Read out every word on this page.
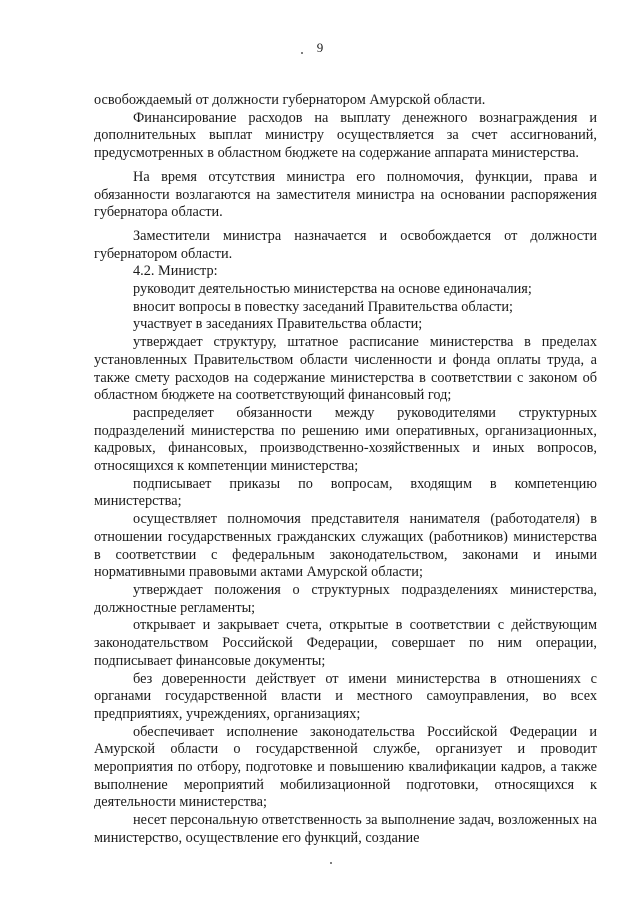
9

освобождаемый от должности губернатором Амурской области.

Финансирование расходов на выплату денежного вознаграждения и дополнительных выплат министру осуществляется за счет ассигнований, предусмотренных в областном бюджете на содержание аппарата министерства.

На время отсутствия министра его полномочия, функции, права и обязанности возлагаются на заместителя министра на основании распоряжения губернатора области.

Заместители министра назначается и освобождается от должности губернатором области.

4.2. Министр:

руководит деятельностью министерства на основе единоначалия;

вносит вопросы в повестку заседаний Правительства области;

участвует в заседаниях Правительства области;

утверждает структуру, штатное расписание министерства в пределах установленных Правительством области численности и фонда оплаты труда, а также смету расходов на содержание министерства в соответствии с законом об областном бюджете на соответствующий финансовый год;

распределяет обязанности между руководителями структурных подразделений министерства по решению ими оперативных, организационных, кадровых, финансовых, производственно-хозяйственных и иных вопросов, относящихся к компетенции министерства;

подписывает приказы по вопросам, входящим в компетенцию министерства;

осуществляет полномочия представителя нанимателя (работодателя) в отношении государственных гражданских служащих (работников) министерства в соответствии с федеральным законодательством, законами и иными нормативными правовыми актами Амурской области;

утверждает положения о структурных подразделениях министерства, должностные регламенты;

открывает и закрывает счета, открытые в соответствии с действующим законодательством Российской Федерации, совершает по ним операции, подписывает финансовые документы;

без доверенности действует от имени министерства в отношениях с органами государственной власти и местного самоуправления, во всех предприятиях, учреждениях, организациях;

обеспечивает исполнение законодательства Российской Федерации и Амурской области о государственной службе, организует и проводит мероприятия по отбору, подготовке и повышению квалификации кадров, а также выполнение мероприятий мобилизационной подготовки, относящихся к деятельности министерства;

несет персональную ответственность за выполнение задач, возложенных на министерство, осуществление его функций, создание
